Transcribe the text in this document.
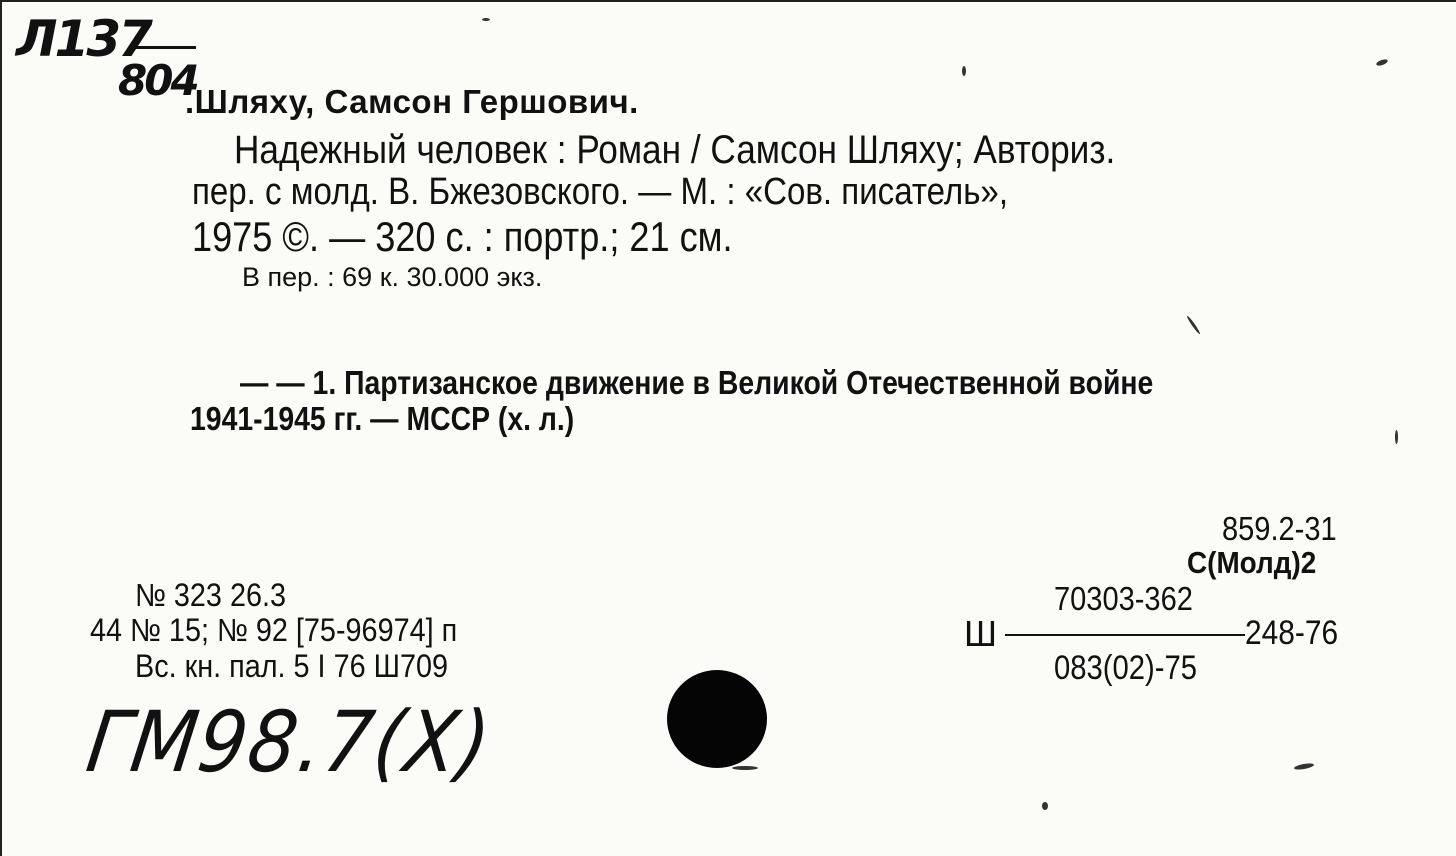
Л137
804
.Шляху, Самсон Гершович.
Надежный человек : Роман / Самсон Шляху; Авториз.
пер. с молд. В. Бжезовского. — М. : «Сов. писатель»,
1975 ©. — 320 с. : портр.; 21 см.
В пер. : 69 к. 30.000 экз.
— — 1. Партизанское движение в Великой Отечественной войне
1941-1945 гг. — МССР (х. л.)
859.2-31
С(Молд)2
70303-362
Ш	248-76
083(02)-75
№ 323 26.3
44 № 15; № 92 [75-96974] п
Вс. кн. пал. 5 I 76 Ш709
ГМ98.7(Х)
